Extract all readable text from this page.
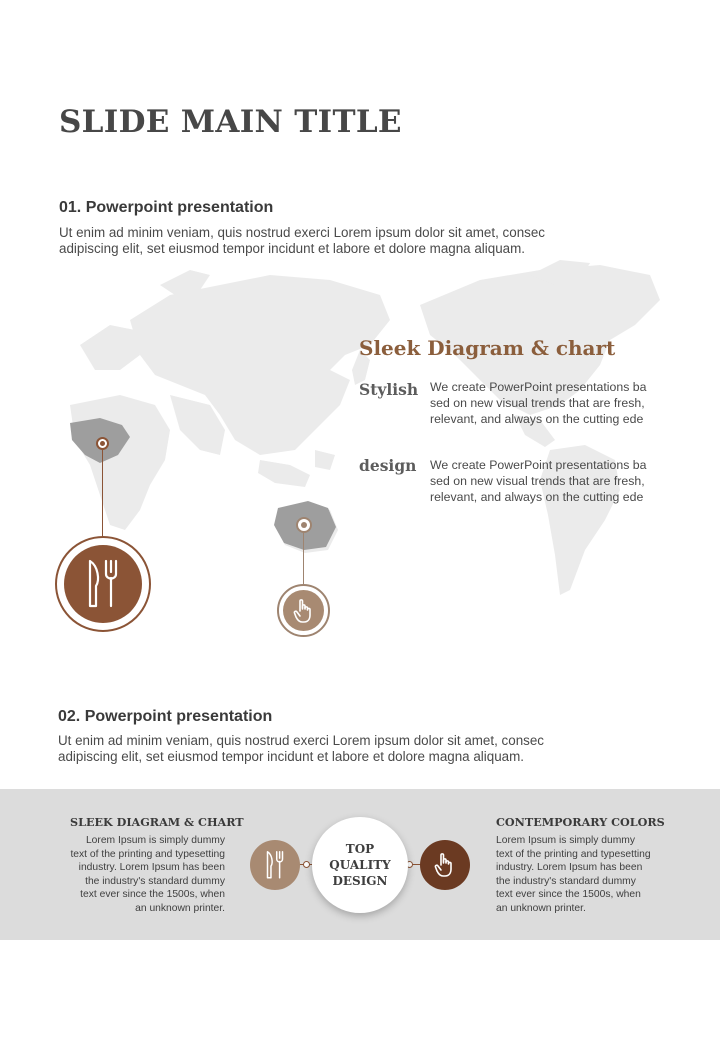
SLIDE MAIN TITLE
01. Powerpoint presentation
Ut enim ad minim veniam, quis nostrud exerci Lorem ipsum dolor sit amet, consec
adipiscing elit, set eiusmod tempor incidunt et labore et dolore magna aliquam.
Sleek Diagram & chart
Stylish We create PowerPoint presentations ba
sed on new visual trends that are fresh,
relevant, and always on the cutting ede
design We create PowerPoint presentations ba
sed on new visual trends that are fresh,
relevant, and always on the cutting ede
02. Powerpoint presentation
Ut enim ad minim veniam, quis nostrud exerci Lorem ipsum dolor sit amet, consec
adipiscing elit, set eiusmod tempor incidunt et labore et dolore magna aliquam.
SLEEK DIAGRAM & CHART
Lorem Ipsum is simply dummy
text of the printing and typesetting
industry. Lorem Ipsum has been
the industry's standard dummy
text ever since the 1500s, when
an unknown printer.
TOP
QUALITY
DESIGN
CONTEMPORARY COLORS
Lorem Ipsum is simply dummy
text of the printing and typesetting
industry. Lorem Ipsum has been
the industry's standard dummy
text ever since the 1500s, when
an unknown printer.
